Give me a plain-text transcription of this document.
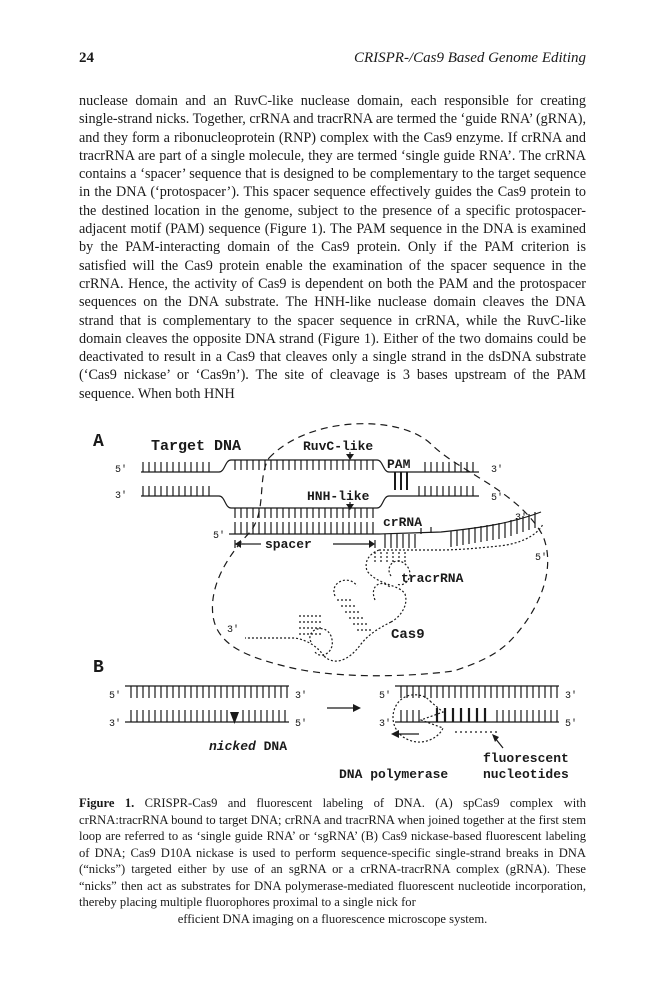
24	CRISPR-/Cas9 Based Genome Editing

nuclease domain and an RuvC-like nuclease domain, each responsible for creating single-strand nicks. Together, crRNA and tracrRNA are termed the ‘guide RNA’ (gRNA), and they form a ribonucleoprotein (RNP) complex with the Cas9 enzyme. If crRNA and tracrRNA are part of a single molecule, they are termed ‘single guide RNA’. The crRNA contains a ‘spacer’ sequence that is designed to be complementary to the target sequence in the DNA (‘protospacer’). This spacer sequence effectively guides the Cas9 protein to the destined location in the genome, subject to the presence of a specific protospacer-adjacent motif (PAM) sequence (Figure 1). The PAM sequence in the DNA is examined by the PAM-interacting domain of the Cas9 protein. Only if the PAM criterion is satisfied will the Cas9 protein enable the examination of the spacer sequence in the crRNA. Hence, the activity of Cas9 is dependent on both the PAM and the protospacer sequences on the DNA substrate. The HNH-like nuclease domain cleaves the DNA strand that is complementary to the spacer sequence in crRNA, while the RuvC-like domain cleaves the opposite DNA strand (Figure 1). Either of the two domains could be deactivated to result in a Cas9 that cleaves only a single strand in the dsDNA substrate (‘Cas9 nickase’ or ‘Cas9n’). The site of cleavage is 3 bases upstream of the PAM sequence. When both HNH

A	Target DNA	RuvC-like
PAM
HNH-like
crRNA
spacer
tracrRNA
Cas9
B
DNA polymerase
fluorescent
nucleotides
nicked DNA
5′
3′
3′
5′
5′
3′
5′
3′
5′
3′
3′
5′
5′
3′
3′
5′

Figure 1. CRISPR-Cas9 and fluorescent labeling of DNA. (A) spCas9 complex with crRNA:tracrRNA bound to target DNA; crRNA and tracrRNA when joined together at the first stem loop are referred to as ‘single guide RNA’ or ‘sgRNA’ (B) Cas9 nickase-based fluorescent labeling of DNA; Cas9 D10A nickase is used to perform sequence-specific single-strand breaks in DNA (“nicks”) targeted either by use of an sgRNA or a crRNA-tracrRNA complex (gRNA). These “nicks” then act as substrates for DNA polymerase-mediated fluorescent nucleotide incorporation, thereby placing multiple fluorophores proximal to a single nick for
efficient DNA imaging on a fluorescence microscope system.
